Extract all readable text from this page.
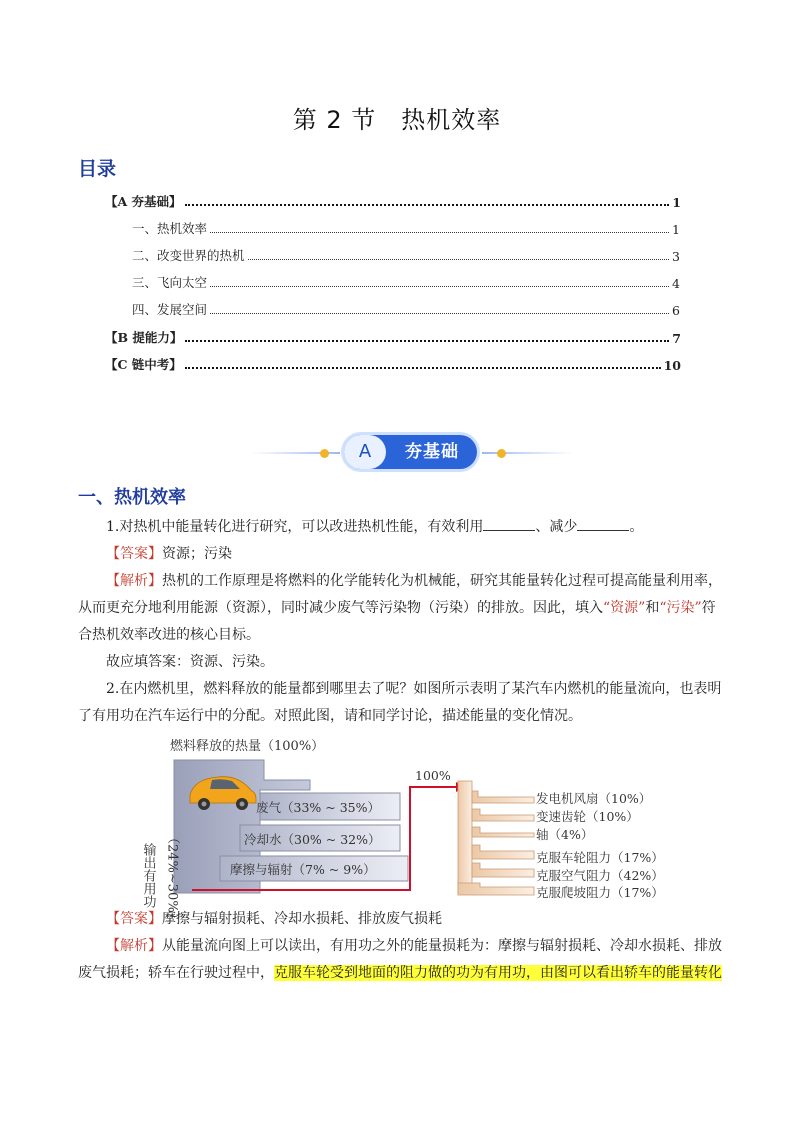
第 2 节　热机效率
目录
【A 夯基础】	1
一、热机效率	1
二、改变世界的热机	3
三、飞向太空	4
四、发展空间	6
【B 提能力】	7
【C 链中考】	10
A	夯基础
一、热机效率
1.对热机中能量转化进行研究，可以改进热机性能，有效利用	、减少	。
【答案】资源；污染
【解析】热机的工作原理是将燃料的化学能转化为机械能，研究其能量转化过程可提高能量利用率，从而更充分地利用能源（资源），同时减少废气等污染物（污染）的排放。因此，填入“资源”和“污染”符合热机效率改进的核心目标。
故应填答案：资源、污染。
2.在内燃机里，燃料释放的能量都到哪里去了呢？如图所示表明了某汽车内燃机的能量流向，也表明了有用功在汽车运行中的分配。对照此图，请和同学讨论，描述能量的变化情况。
燃料释放的热量（100%）
废气（33% ~ 35%）
冷却水（30% ~ 32%）
摩擦与辐射（7% ~ 9%）
输出有用功 （24%~30%）
100%
发电机风扇（10%）
变速齿轮（10%）
轴（4%）
克服车轮阻力（17%）
克服空气阻力（42%）
克服爬坡阻力（17%）
【答案】摩擦与辐射损耗、冷却水损耗、排放废气损耗
【解析】从能量流向图上可以读出，有用功之外的能量损耗为：摩擦与辐射损耗、冷却水损耗、排放废气损耗；轿车在行驶过程中，克服车轮受到地面的阻力做的功为有用功，由图可以看出轿车的能量转化
